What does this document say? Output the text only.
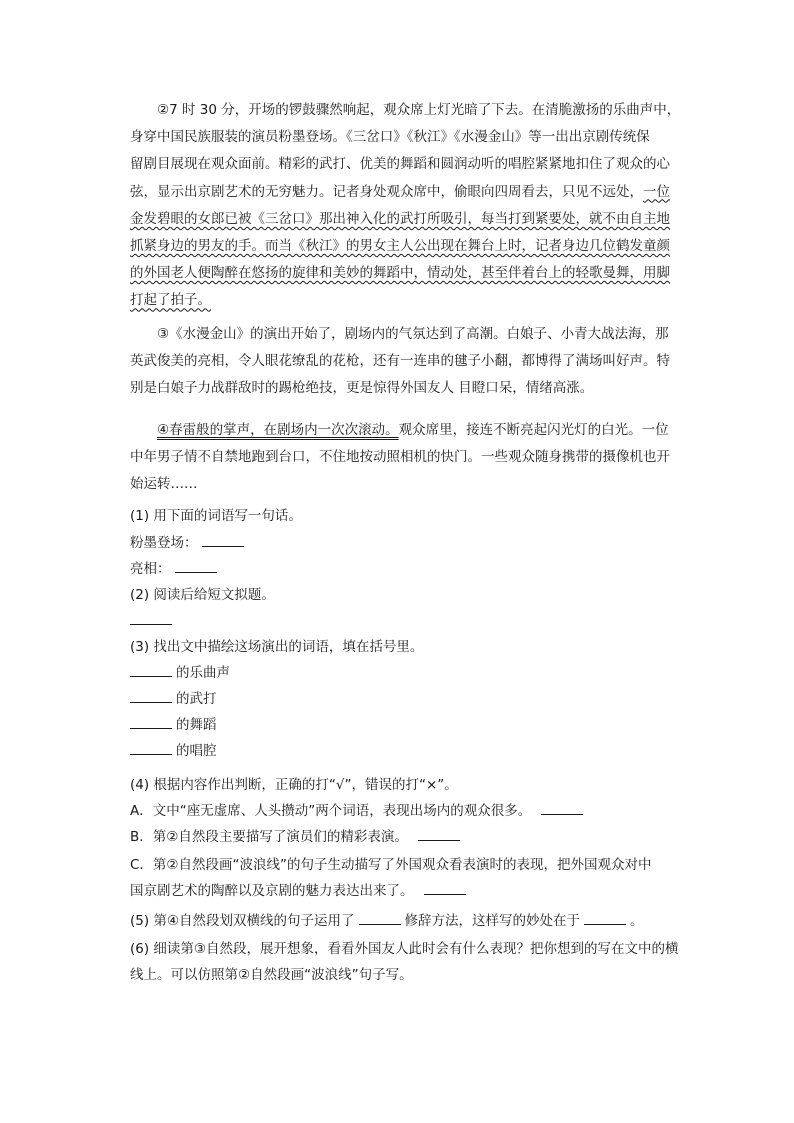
②7 时 30 分，开场的锣鼓骤然响起，观众席上灯光暗了下去。在清脆激扬的乐曲声中，
身穿中国民族服装的演员粉墨登场。《三岔口》《秋江》《水漫金山》等一出出京剧传统保
留剧目展现在观众面前。精彩的武打、优美的舞蹈和圆润动听的唱腔紧紧地扣住了观众的心
弦，显示出京剧艺术的无穷魅力。记者身处观众席中，偷眼向四周看去，只见不远处，一位
金发碧眼的女郎已被《三岔口》那出神入化的武打所吸引，每当打到紧要处，就不由自主地
抓紧身边的男友的手。而当《秋江》的男女主人公出现在舞台上时，记者身边几位鹤发童颜
的外国老人便陶醉在悠扬的旋律和美妙的舞蹈中，情动处，甚至伴着台上的轻歌曼舞，用脚
打起了拍子。
③《水漫金山》的演出开始了，剧场内的气氛达到了高潮。白娘子、小青大战法海，那
英武俊美的亮相，令人眼花缭乱的花枪，还有一连串的毽子小翻，都博得了满场叫好声。特
别是白娘子力战群敌时的踢枪绝技，更是惊得外国友人 目瞪口呆，情绪高涨。
④春雷般的掌声，在剧场内一次次滚动。观众席里，接连不断亮起闪光灯的白光。一位
中年男子情不自禁地跑到台口，不住地按动照相机的快门。一些观众随身携带的摄像机也开
始运转……
(1) 用下面的词语写一句话。
粉墨登场：
亮相：
(2) 阅读后给短文拟题。
(3) 找出文中描绘这场演出的词语，填在括号里。
的乐曲声
的武打
的舞蹈
的唱腔
(4) 根据内容作出判断，正确的打“√”，错误的打“×”。
A．文中“座无虚席、人头攒动”两个词语，表现出场内的观众很多。
B．第②自然段主要描写了演员们的精彩表演。
C．第②自然段画“波浪线”的句子生动描写了外国观众看表演时的表现，把外国观众对中
国京剧艺术的陶醉以及京剧的魅力表达出来了。
(5) 第④自然段划双横线的句子运用了	修辞方法，这样写的妙处在于	。
(6) 细读第③自然段，展开想象，看看外国友人此时会有什么表现？把你想到的写在文中的横
线上。可以仿照第②自然段画“波浪线”句子写。
